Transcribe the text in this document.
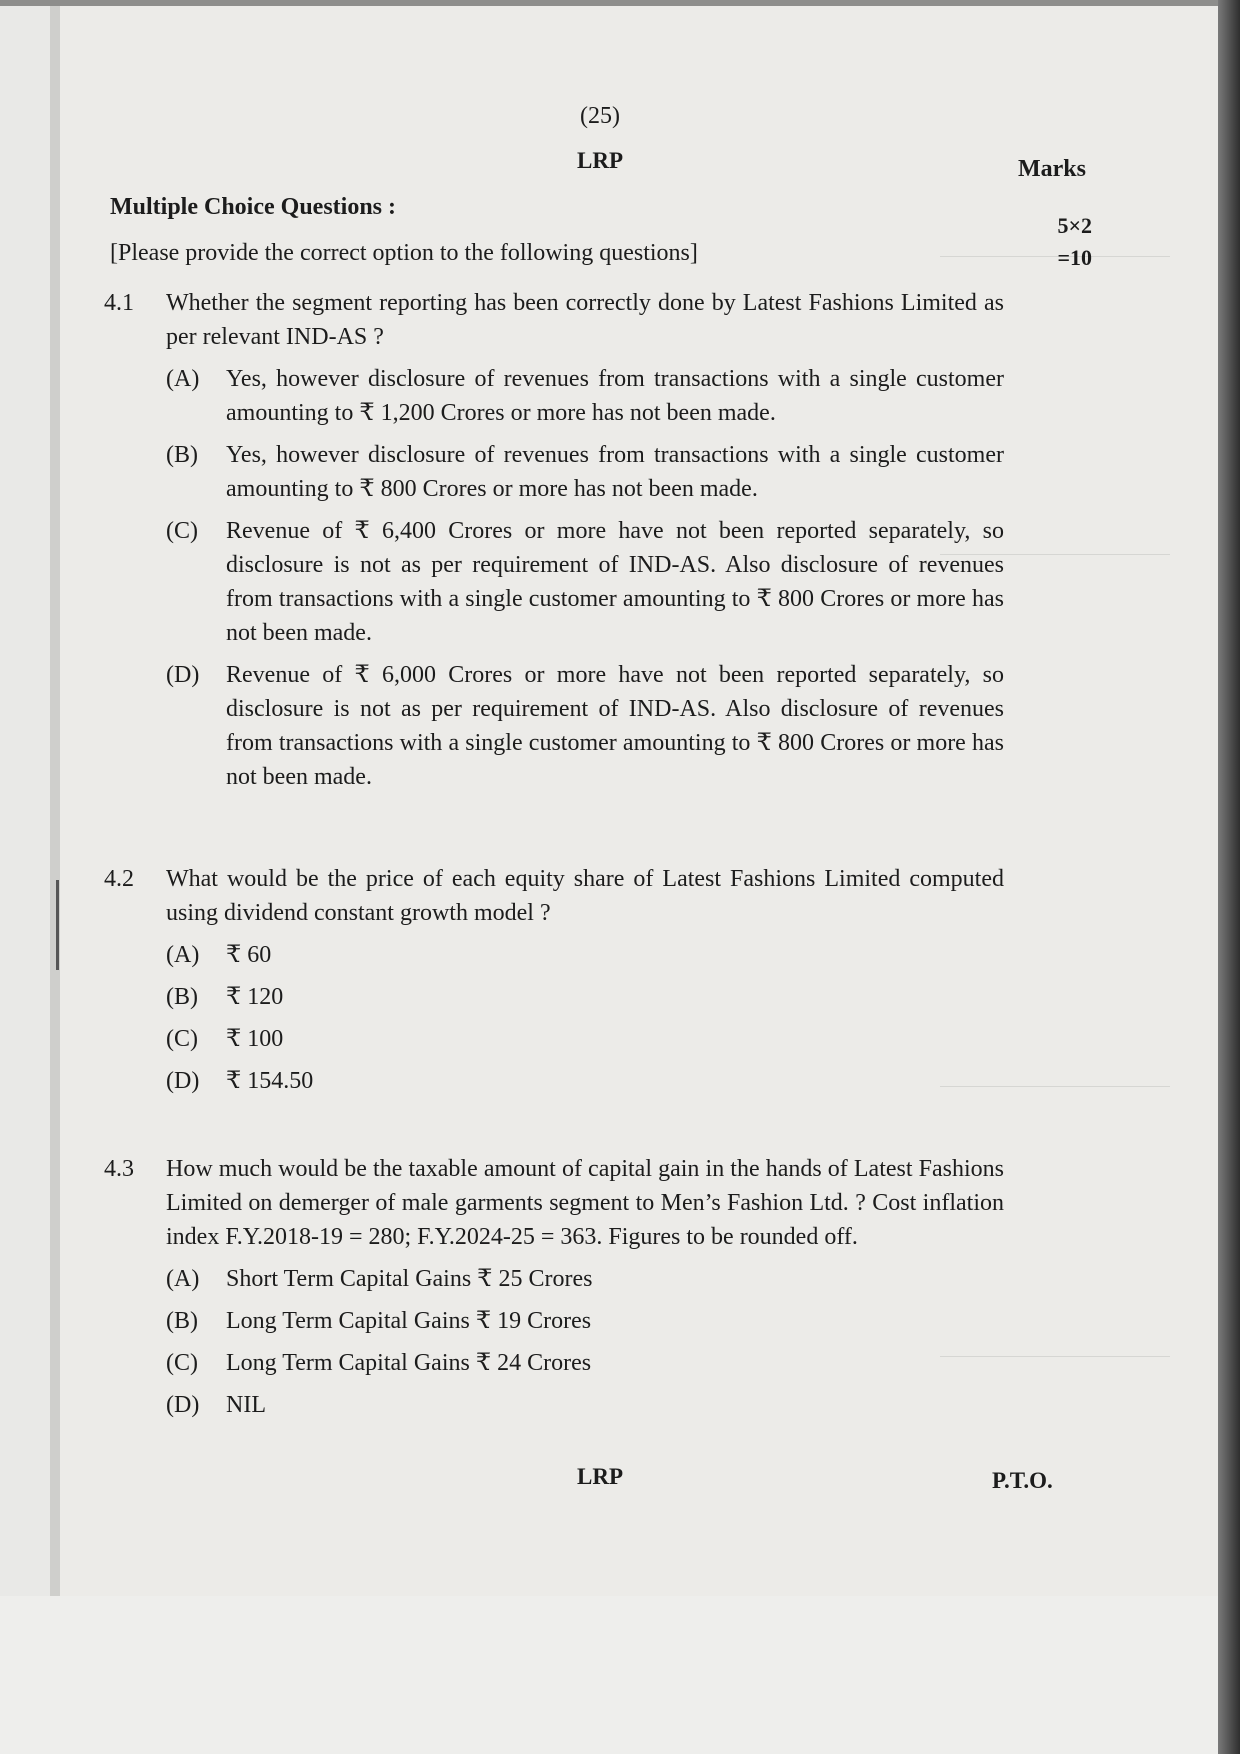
(25)
LRP	Marks
5×2
=10
Multiple Choice Questions :
[Please provide the correct option to the following questions]
4.1 Whether the segment reporting has been correctly done by Latest Fashions Limited as per relevant IND-AS ?
(A) Yes, however disclosure of revenues from transactions with a single customer amounting to ₹ 1,200 Crores or more has not been made.
(B) Yes, however disclosure of revenues from transactions with a single customer amounting to ₹ 800 Crores or more has not been made.
(C) Revenue of ₹ 6,400 Crores or more have not been reported separately, so disclosure is not as per requirement of IND-AS. Also disclosure of revenues from transactions with a single customer amounting to ₹ 800 Crores or more has not been made.
(D) Revenue of ₹ 6,000 Crores or more have not been reported separately, so disclosure is not as per requirement of IND-AS. Also disclosure of revenues from transactions with a single customer amounting to ₹ 800 Crores or more has not been made.
4.2 What would be the price of each equity share of Latest Fashions Limited computed using dividend constant growth model ?
(A) ₹ 60
(B) ₹ 120
(C) ₹ 100
(D) ₹ 154.50
4.3 How much would be the taxable amount of capital gain in the hands of Latest Fashions Limited on demerger of male garments segment to Men’s Fashion Ltd. ? Cost inflation index F.Y.2018-19 = 280; F.Y.2024-25 = 363. Figures to be rounded off.
(A) Short Term Capital Gains ₹ 25 Crores
(B) Long Term Capital Gains ₹ 19 Crores
(C) Long Term Capital Gains ₹ 24 Crores
(D) NIL
LRP	P.T.O.
